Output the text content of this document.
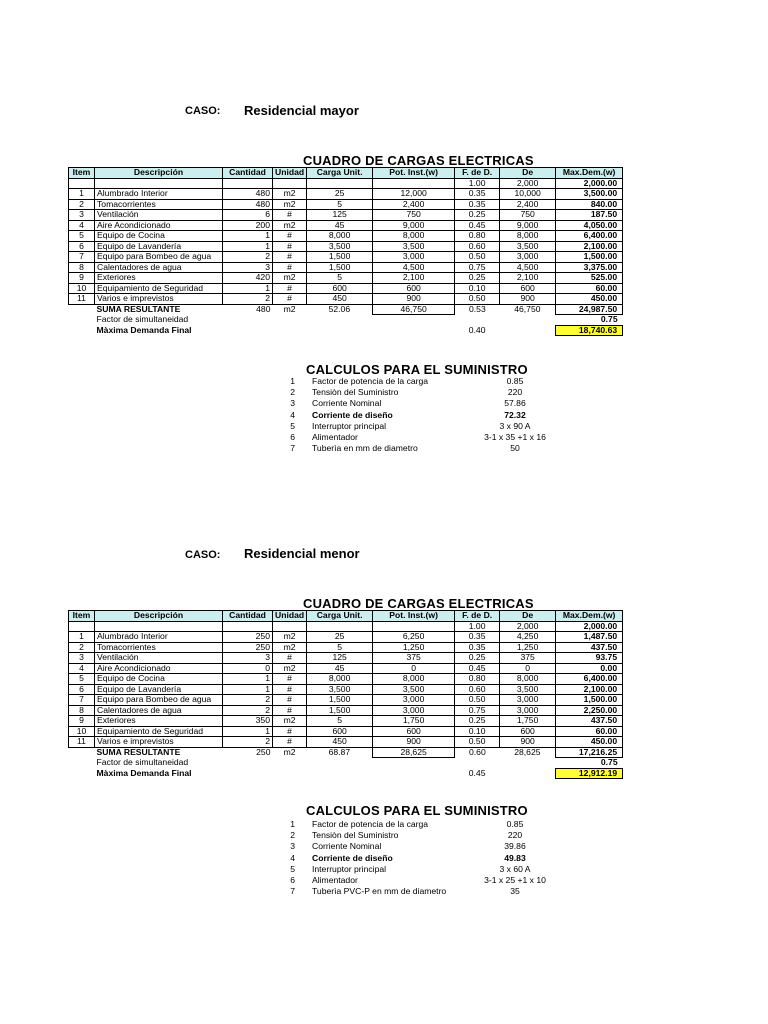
CASO: Residencial mayor
CUADRO DE CARGAS ELECTRICAS
Item	Descripción	Cantidad	Unidad	Carga Unit.	Pot. Inst.(w)	F. de D.	De	Max.Dem.(w)
						1.00	2,000	2,000.00
1	Alumbrado Interior	480	m2	25	12,000	0.35	10,000	3,500.00
2	Tomacorrientes	480	m2	5	2,400	0.35	2,400	840.00
3	Ventilación	6	#	125	750	0.25	750	187.50
4	Aire Acondicionado	200	m2	45	9,000	0.45	9,000	4,050.00
5	Equipo de Cocina	1	#	8,000	8,000	0.80	8,000	6,400.00
6	Equipo de Lavandería	1	#	3,500	3,500	0.60	3,500	2,100.00
7	Equipo para Bombeo de agua	2	#	1,500	3,000	0.50	3,000	1,500.00
8	Calentadores de agua	3	#	1,500	4,500	0.75	4,500	3,375.00
9	Exteriores	420	m2	5	2,100	0.25	2,100	525.00
10	Equipamiento de Seguridad	1	#	600	600	0.10	600	60.00
11	Varios e imprevistos	2	#	450	900	0.50	900	450.00
	SUMA RESULTANTE	480	m2	52.06	46,750	0.53	46,750	24,987.50
	Factor de simultaneidad							0.75
	Màxima Demanda Final					0.40		18,740.63
CALCULOS PARA EL SUMINISTRO
1 Factor de potencia de la carga	0.85
2 Tensiòn del Suministro	220
3 Corriente Nominal	57.86
4 Corriente de diseño	72.32
5 Interruptor principal	3 x 90 A
6 Alimentador	3-1 x 35 +1 x 16
7 Tuberìa en mm de diametro	50
CASO: Residencial menor
CUADRO DE CARGAS ELECTRICAS
Item	Descripción	Cantidad	Unidad	Carga Unit.	Pot. Inst.(w)	F. de D.	De	Max.Dem.(w)
						1.00	2,000	2,000.00
1	Alumbrado Interior	250	m2	25	6,250	0.35	4,250	1,487.50
2	Tomacorrientes	250	m2	5	1,250	0.35	1,250	437.50
3	Ventilación	3	#	125	375	0.25	375	93.75
4	Aire Acondicionado	0	m2	45	0	0.45	0	0.00
5	Equipo de Cocina	1	#	8,000	8,000	0.80	8,000	6,400.00
6	Equipo de Lavandería	1	#	3,500	3,500	0.60	3,500	2,100.00
7	Equipo para Bombeo de agua	2	#	1,500	3,000	0.50	3,000	1,500.00
8	Calentadores de agua	2	#	1,500	3,000	0.75	3,000	2,250.00
9	Exteriores	350	m2	5	1,750	0.25	1,750	437.50
10	Equipamiento de Seguridad	1	#	600	600	0.10	600	60.00
11	Varios e imprevistos	2	#	450	900	0.50	900	450.00
	SUMA RESULTANTE	250	m2	68.87	28,625	0.60	28,625	17,216.25
	Factor de simultaneidad							0.75
	Màxima Demanda Final					0.45		12,912.19
CALCULOS PARA EL SUMINISTRO
1 Factor de potencia de la carga	0.85
2 Tensiòn del Suministro	220
3 Corriente Nominal	39.86
4 Corriente de diseño	49.83
5 Interruptor principal	3 x 60 A
6 Alimentador	3-1 x 25 +1 x 10
7 Tuberìa PVC-P en mm de diametro	35
